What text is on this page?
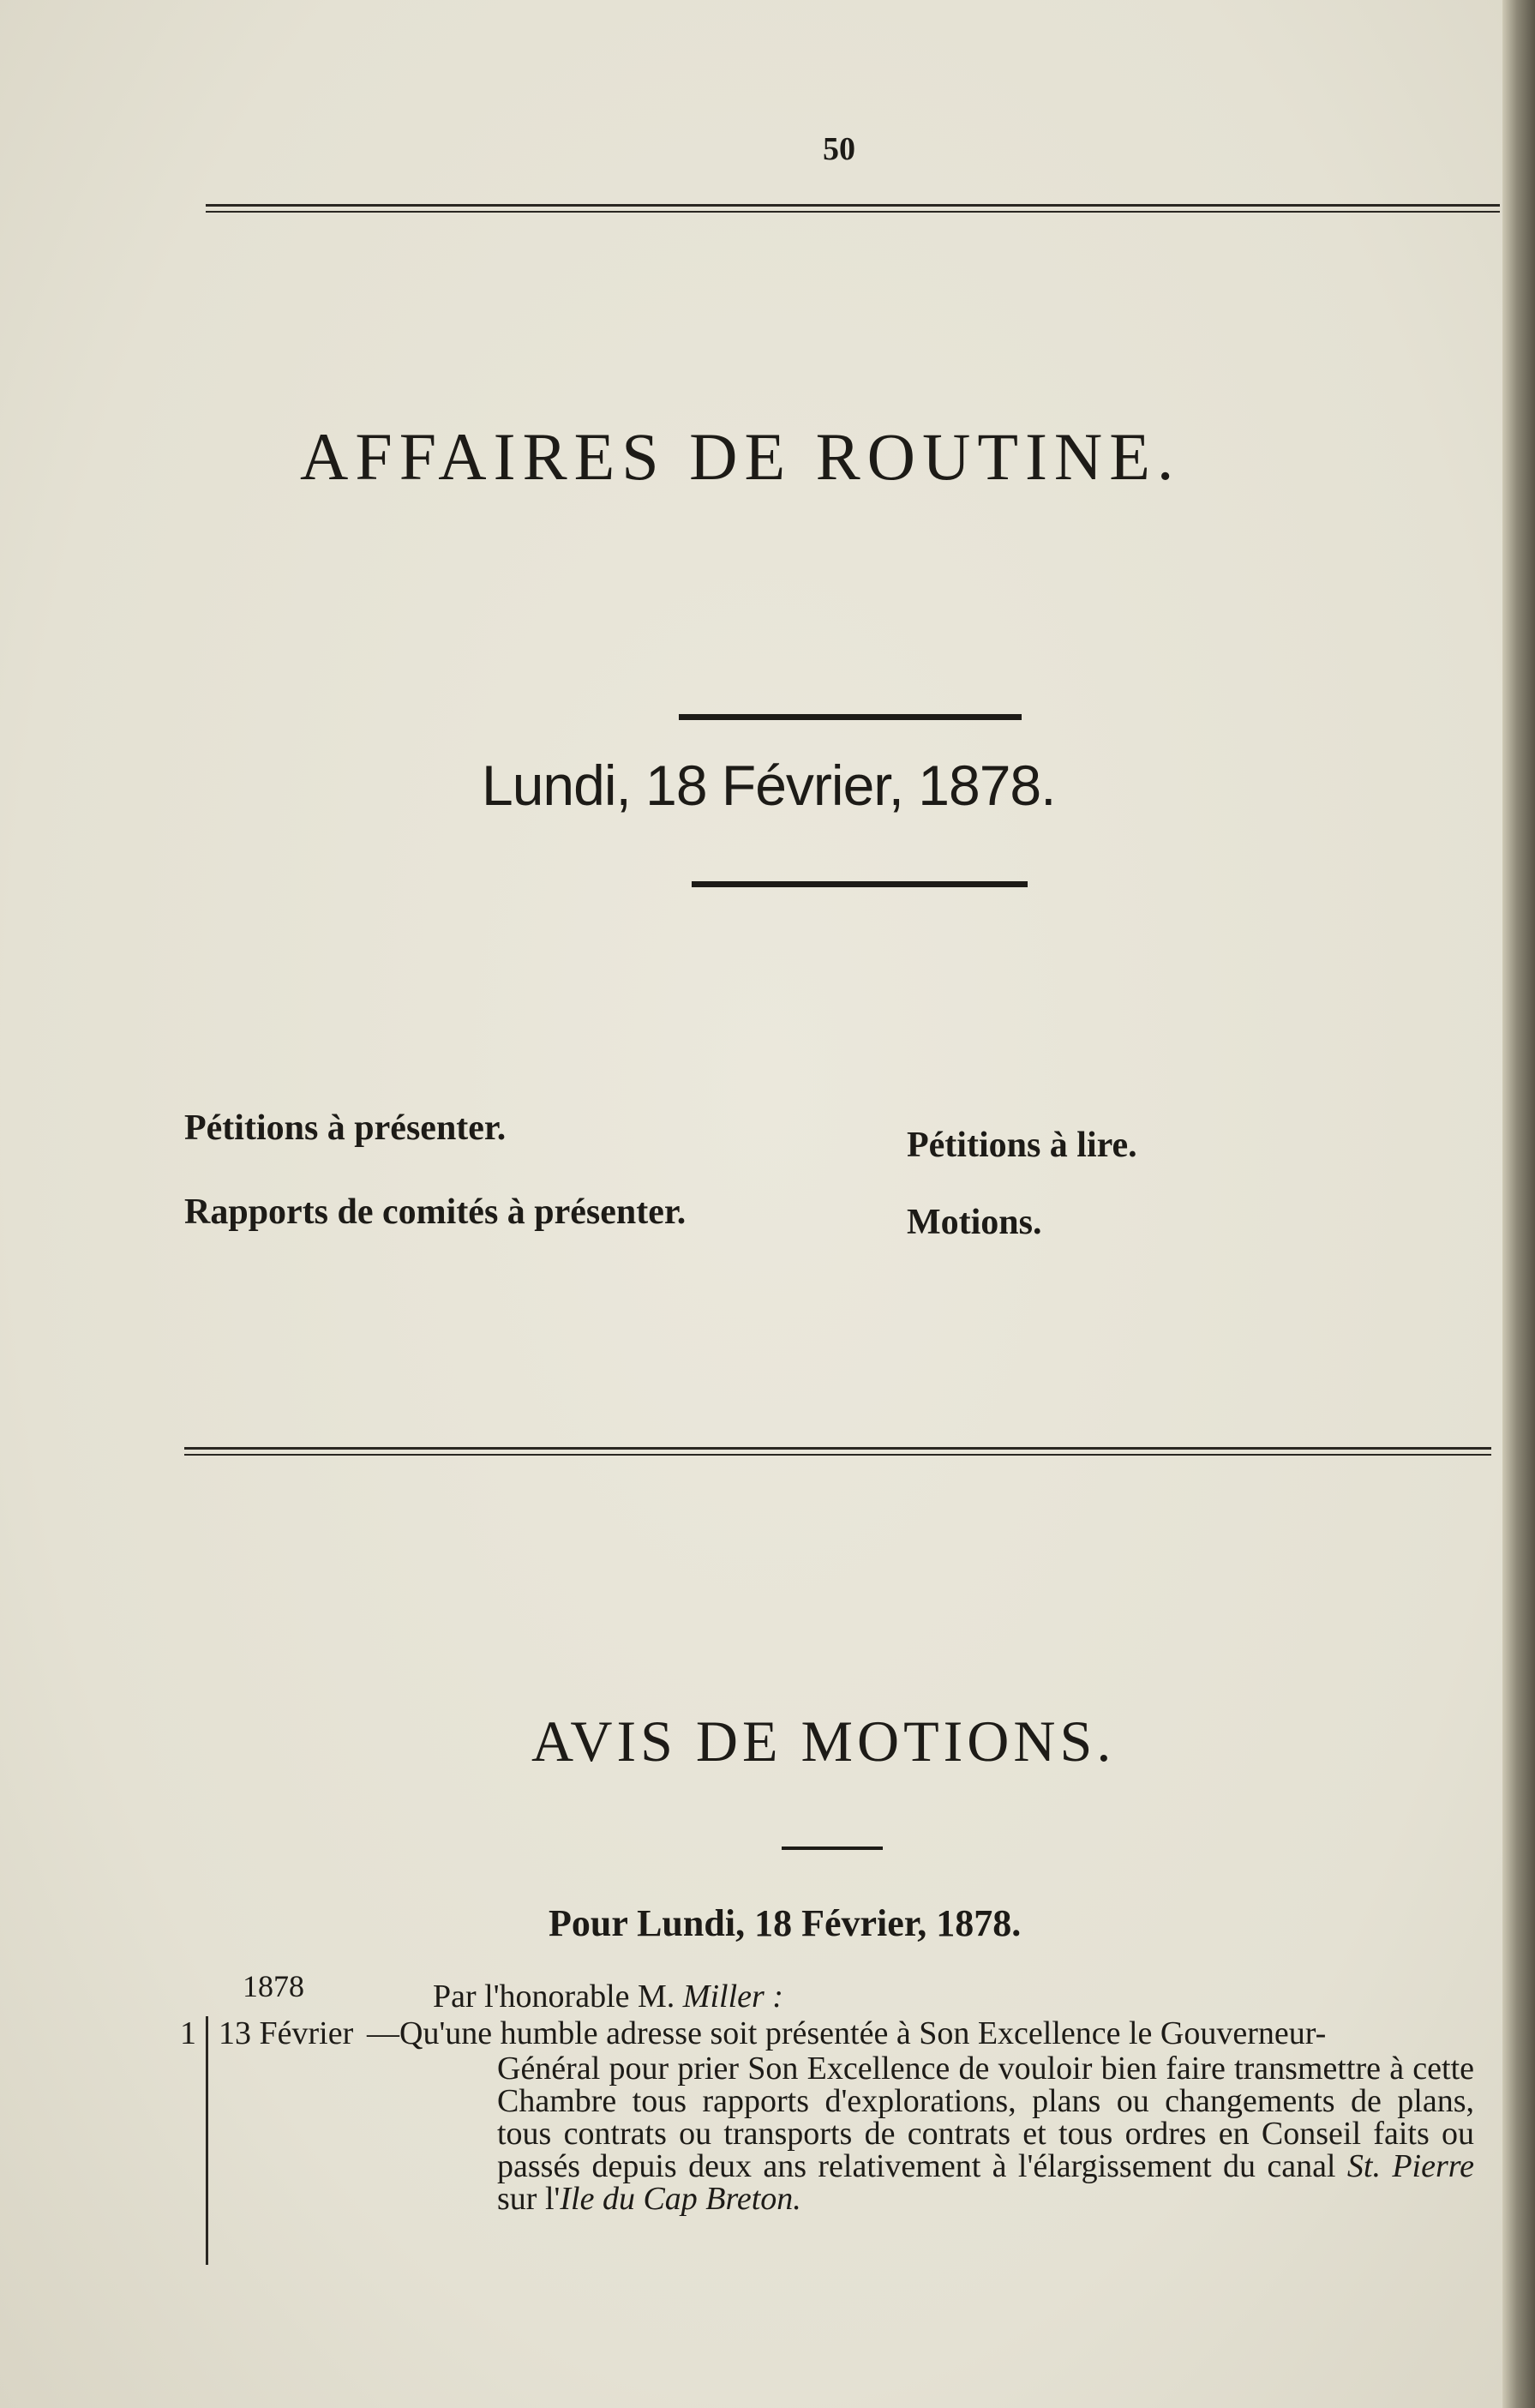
50
AFFAIRES DE ROUTINE.
Lundi, 18 Février, 1878.
Pétitions à présenter.
Rapports de comités à présenter.
Pétitions à lire.
Motions.
AVIS DE MOTIONS.
Pour Lundi, 18 Février, 1878.
1878	Par l'honorable M. Miller :
1 13 Février —Qu'une humble adresse soit présentée à Son Excellence le Gouverneur-
Général pour prier Son Excellence de vouloir bien faire transmettre à cette Chambre tous rapports d'explorations, plans ou changements de plans, tous contrats ou transports de contrats et tous ordres en Conseil faits ou passés depuis deux ans relativement à l'élargissement du canal St. Pierre sur l'Ile du Cap Breton.
